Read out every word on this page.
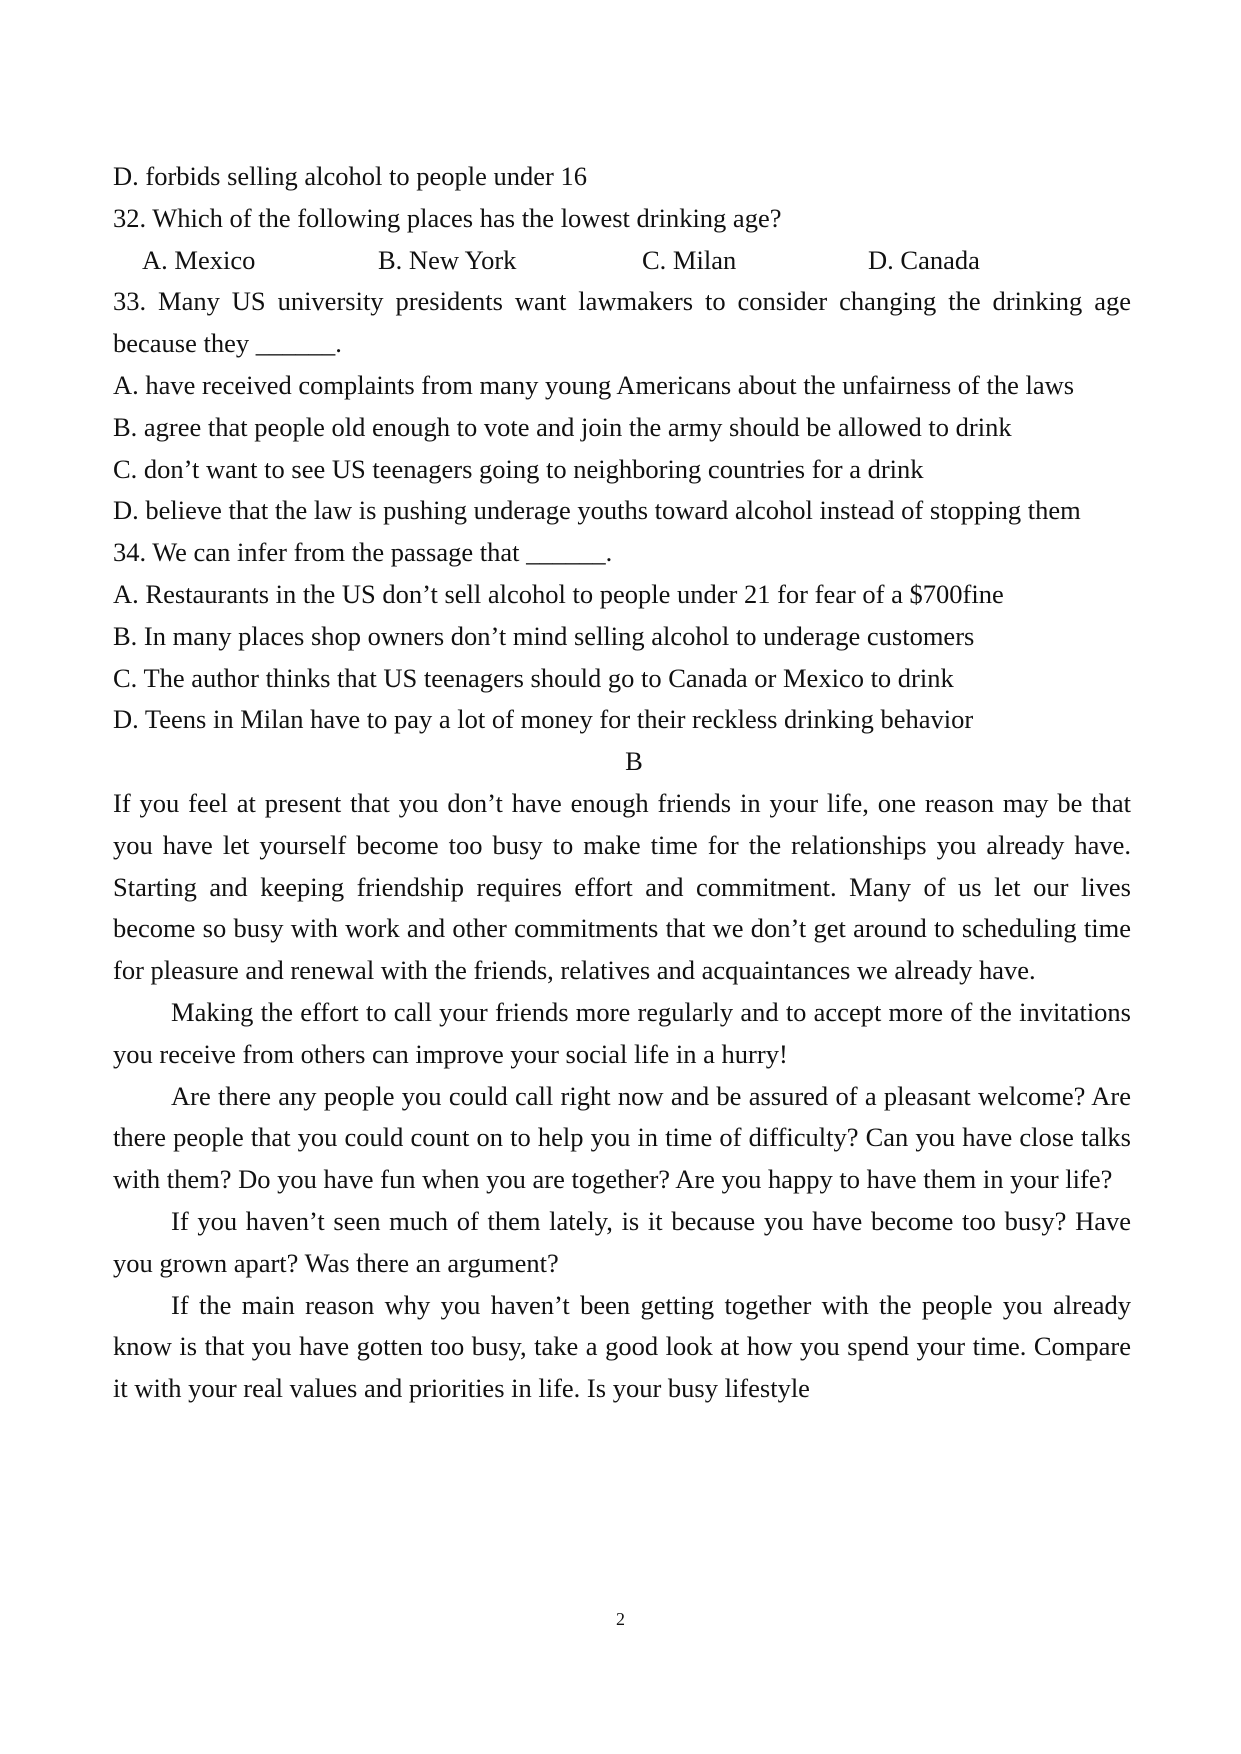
D. forbids selling alcohol to people under 16
32. Which of the following places has the lowest drinking age?
A. Mexico	B. New York	C. Milan	D. Canada
33. Many US university presidents want lawmakers to consider changing the drinking age because they ______.
A. have received complaints from many young Americans about the unfairness of the laws
B. agree that people old enough to vote and join the army should be allowed to drink
C. don’t want to see US teenagers going to neighboring countries for a drink
D. believe that the law is pushing underage youths toward alcohol instead of stopping them
34. We can infer from the passage that ______.
A. Restaurants in the US don’t sell alcohol to people under 21 for fear of a $700fine
B. In many places shop owners don’t mind selling alcohol to underage customers
C. The author thinks that US teenagers should go to Canada or Mexico to drink
D. Teens in Milan have to pay a lot of money for their reckless drinking behavior
B
If you feel at present that you don’t have enough friends in your life, one reason may be that you have let yourself become too busy to make time for the relationships you already have. Starting and keeping friendship requires effort and commitment. Many of us let our lives become so busy with work and other commitments that we don’t get around to scheduling time for pleasure and renewal with the friends, relatives and acquaintances we already have.
Making the effort to call your friends more regularly and to accept more of the invitations you receive from others can improve your social life in a hurry!
Are there any people you could call right now and be assured of a pleasant welcome? Are there people that you could count on to help you in time of difficulty? Can you have close talks with them? Do you have fun when you are together? Are you happy to have them in your life?
If you haven’t seen much of them lately, is it because you have become too busy? Have you grown apart? Was there an argument?
If the main reason why you haven’t been getting together with the people you already know is that you have gotten too busy, take a good look at how you spend your time. Compare it with your real values and priorities in life. Is your busy lifestyle
2
